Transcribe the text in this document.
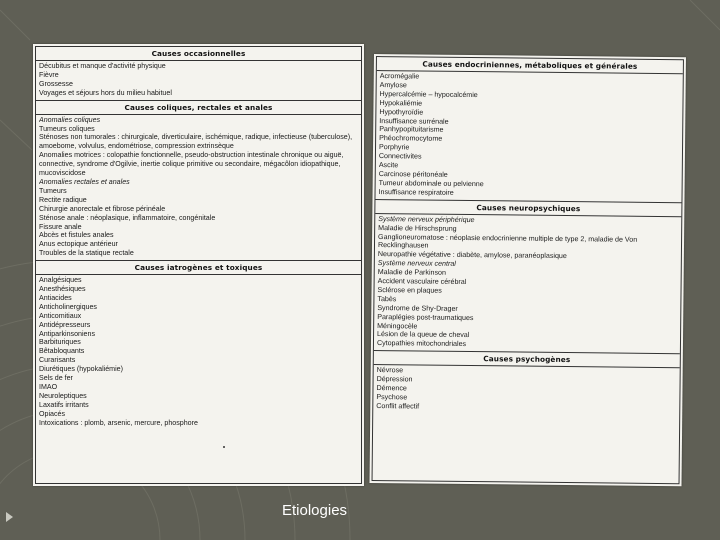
Causes occasionnelles
Décubitus et manque d'activité physique
Fièvre
Grossesse
Voyages et séjours hors du milieu habituel
Causes coliques, rectales et anales
Anomalies coliques
Tumeurs coliques
Sténoses non tumorales : chirurgicale, diverticulaire, ischémique, radique, infectieuse (tuberculose), amoebome, volvulus, endométriose, compression extrinsèque
Anomalies motrices : colopathie fonctionnelle, pseudo-obstruction intestinale chronique ou aiguë, connective, syndrome d'Ogilvie, inertie colique primitive ou secondaire, mégacôlon idiopathique, mucoviscidose
Anomalies rectales et anales
Tumeurs
Rectite radique
Chirurgie anorectale et fibrose périnéale
Sténose anale : néoplasique, inflammatoire, congénitale
Fissure anale
Abcès et fistules anales
Anus ectopique antérieur
Troubles de la statique rectale
Causes iatrogènes et toxiques
Analgésiques
Anesthésiques
Antiacides
Anticholinergiques
Anticomitiaux
Antidépresseurs
Antiparkinsoniens
Barbituriques
Bêtabloquants
Curarisants
Diurétiques (hypokaliémie)
Sels de fer
IMAO
Neuroleptiques
Laxatifs irritants
Opiacés
Intoxications : plomb, arsenic, mercure, phosphore
Causes endocriniennes, métaboliques et générales
Acromégalie
Amylose
Hypercalcémie – hypocalcémie
Hypokaliémie
Hypothyroïdie
Insuffisance surrénale
Panhypopituitarisme
Phéochromocytome
Porphyrie
Connectivites
Ascite
Carcinose péritonéale
Tumeur abdominale ou pelvienne
Insuffisance respiratoire
Causes neuropsychiques
Système nerveux périphérique
Maladie de Hirschsprung
Ganglioneuromatose : néoplasie endocrinienne multiple de type 2, maladie de Von Recklinghausen
Neuropathie végétative : diabète, amylose, paranéoplasique
Système nerveux central
Maladie de Parkinson
Accident vasculaire cérébral
Sclérose en plaques
Tabès
Syndrome de Shy-Drager
Paraplégies post-traumatiques
Méningocèle
Lésion de la queue de cheval
Cytopathies mitochondriales
Causes psychogènes
Névrose
Dépression
Démence
Psychose
Conflit affectif
Etiologies
